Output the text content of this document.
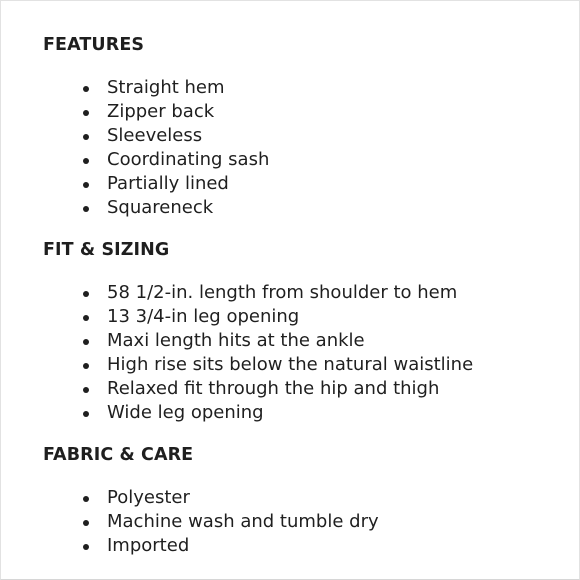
FEATURES
Straight hem
Zipper back
Sleeveless
Coordinating sash
Partially lined
Squareneck
FIT & SIZING
58 1/2-in. length from shoulder to hem
13 3/4-in leg opening
Maxi length hits at the ankle
High rise sits below the natural waistline
Relaxed fit through the hip and thigh
Wide leg opening
FABRIC & CARE
Polyester
Machine wash and tumble dry
Imported
